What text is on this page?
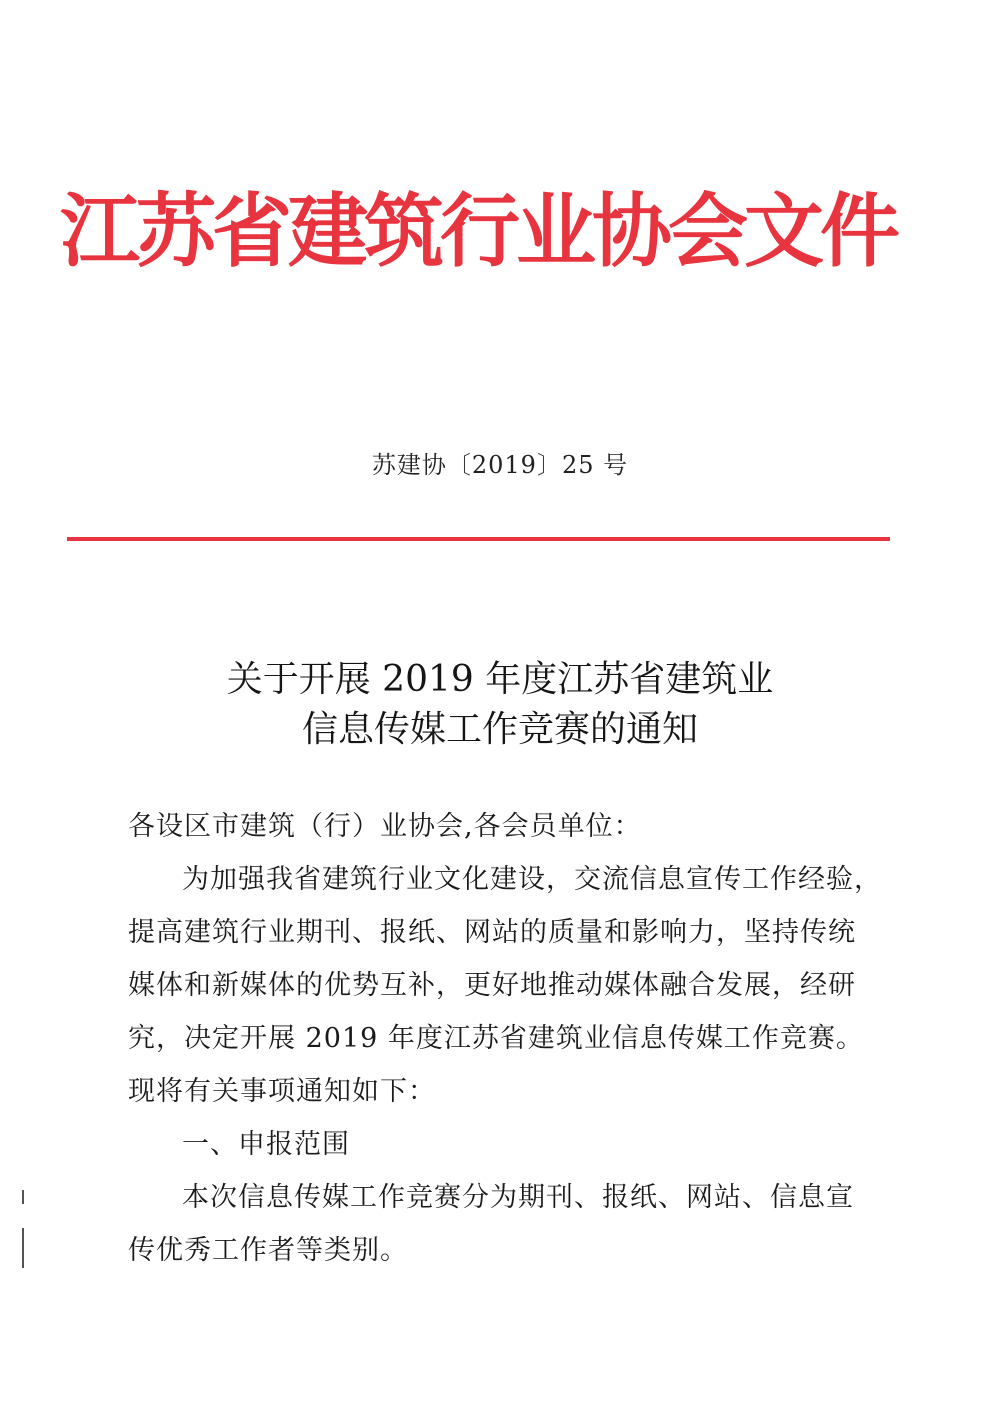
江苏省建筑行业协会文件
苏建协〔2019〕25 号
关于开展 2019 年度江苏省建筑业
信息传媒工作竞赛的通知

各设区市建筑（行）业协会,各会员单位：

为加强我省建筑行业文化建设，交流信息宣传工作经验，
提高建筑行业期刊、报纸、网站的质量和影响力，坚持传统
媒体和新媒体的优势互补，更好地推动媒体融合发展，经研
究，决定开展 2019 年度江苏省建筑业信息传媒工作竞赛。
现将有关事项通知如下：

一、申报范围

本次信息传媒工作竞赛分为期刊、报纸、网站、信息宣
传优秀工作者等类别。
